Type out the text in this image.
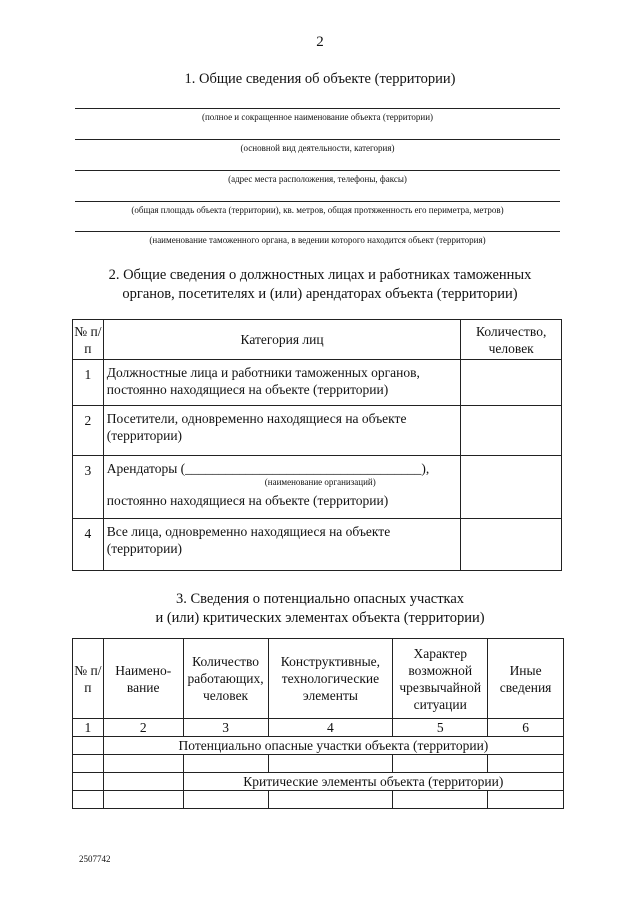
2
1. Общие сведения об объекте (территории)
(полное и сокращенное наименование объекта (территории)
(основной вид деятельности, категория)
(адрес места расположения, телефоны, факсы)
(общая площадь объекта (территории), кв. метров, общая протяженность его периметра, метров)
(наименование таможенного органа, в ведении которого находится объект (территория)
2. Общие сведения о должностных лицах и работниках таможенных
органов, посетителях и (или) арендаторах объекта (территории)
№ п/п	Категория лиц	Количество, человек
1	Должностные лица и работники таможенных органов, постоянно находящиеся на объекте (территории)	
2	Посетители, одновременно находящиеся на объекте (территории)	
3	Арендаторы (___________________________________),
(наименование организаций)
постоянно находящиеся на объекте (территории)	

4	Все лица, одновременно находящиеся на объекте (территории)	
3. Сведения о потенциально опасных участках
и (или) критических элементах объекта (территории)
№ п/п	Наимено-вание	Количество работающих, человек	Конструктивные, технологические элементы	Характер возможной чрезвычайной ситуации	Иные сведения
1	2	3	4	5	6
	Потенциально опасные участки объекта (территории)				

		Критические элементы объекта (территории)			

2507742
